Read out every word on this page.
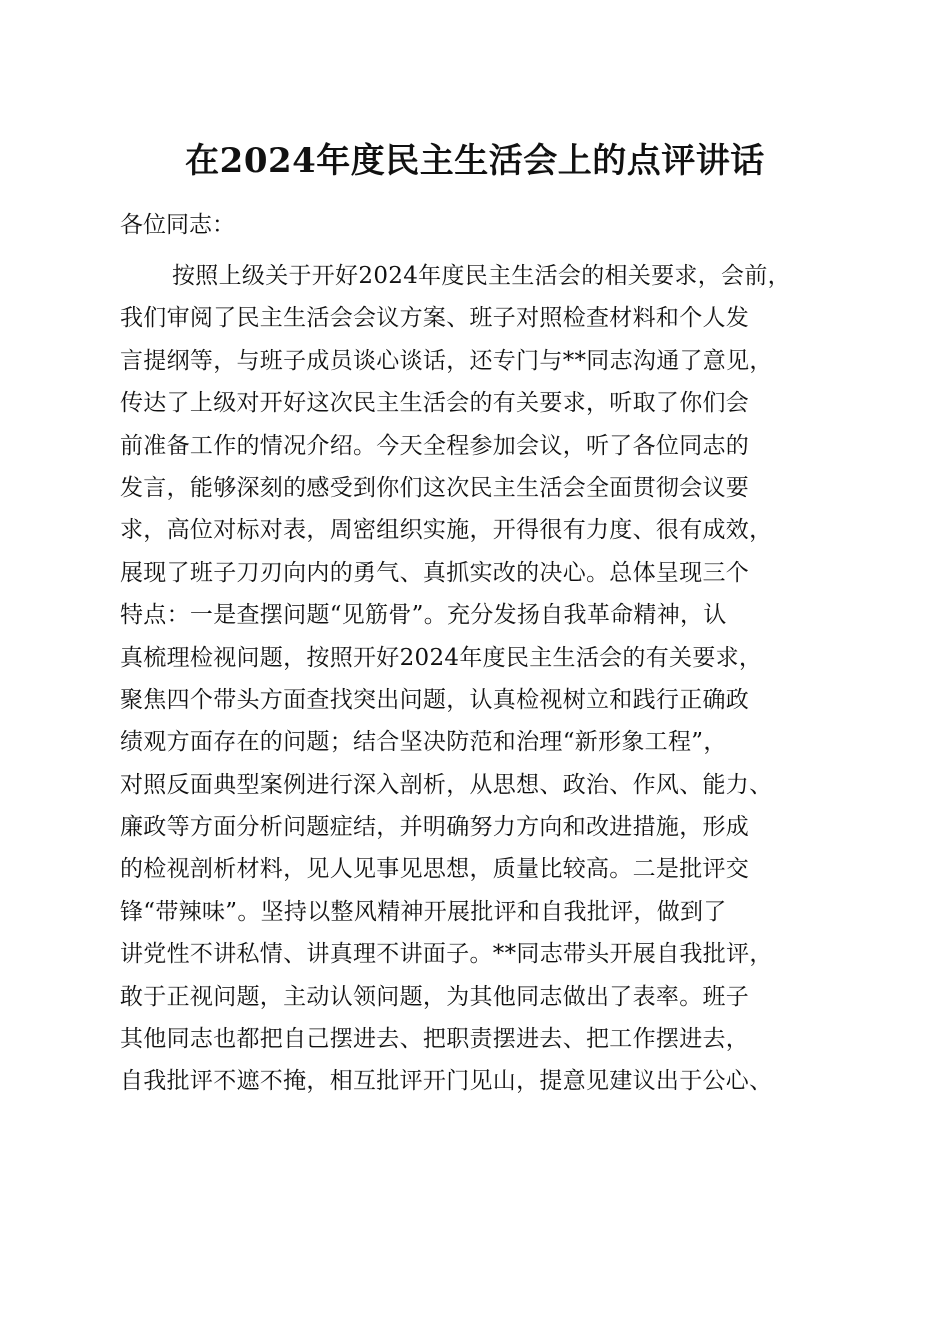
在2024年度民主生活会上的点评讲话
各位同志：
按照上级关于开好2024年度民主生活会的相关要求，会前，
我们审阅了民主生活会会议方案、班子对照检查材料和个人发
言提纲等，与班子成员谈心谈话，还专门与**同志沟通了意见，
传达了上级对开好这次民主生活会的有关要求，听取了你们会
前准备工作的情况介绍。今天全程参加会议，听了各位同志的
发言，能够深刻的感受到你们这次民主生活会全面贯彻会议要
求，高位对标对表，周密组织实施，开得很有力度、很有成效，
展现了班子刀刃向内的勇气、真抓实改的决心。总体呈现三个
特点：一是查摆问题“见筋骨”。充分发扬自我革命精神，认
真梳理检视问题，按照开好2024年度民主生活会的有关要求，
聚焦四个带头方面查找突出问题，认真检视树立和践行正确政
绩观方面存在的问题；结合坚决防范和治理“新形象工程”，
对照反面典型案例进行深入剖析，从思想、政治、作风、能力、
廉政等方面分析问题症结，并明确努力方向和改进措施，形成
的检视剖析材料，见人见事见思想，质量比较高。二是批评交
锋“带辣味”。坚持以整风精神开展批评和自我批评，做到了
讲党性不讲私情、讲真理不讲面子。**同志带头开展自我批评，
敢于正视问题，主动认领问题，为其他同志做出了表率。班子
其他同志也都把自己摆进去、把职责摆进去、把工作摆进去，
自我批评不遮不掩，相互批评开门见山，提意见建议出于公心、
